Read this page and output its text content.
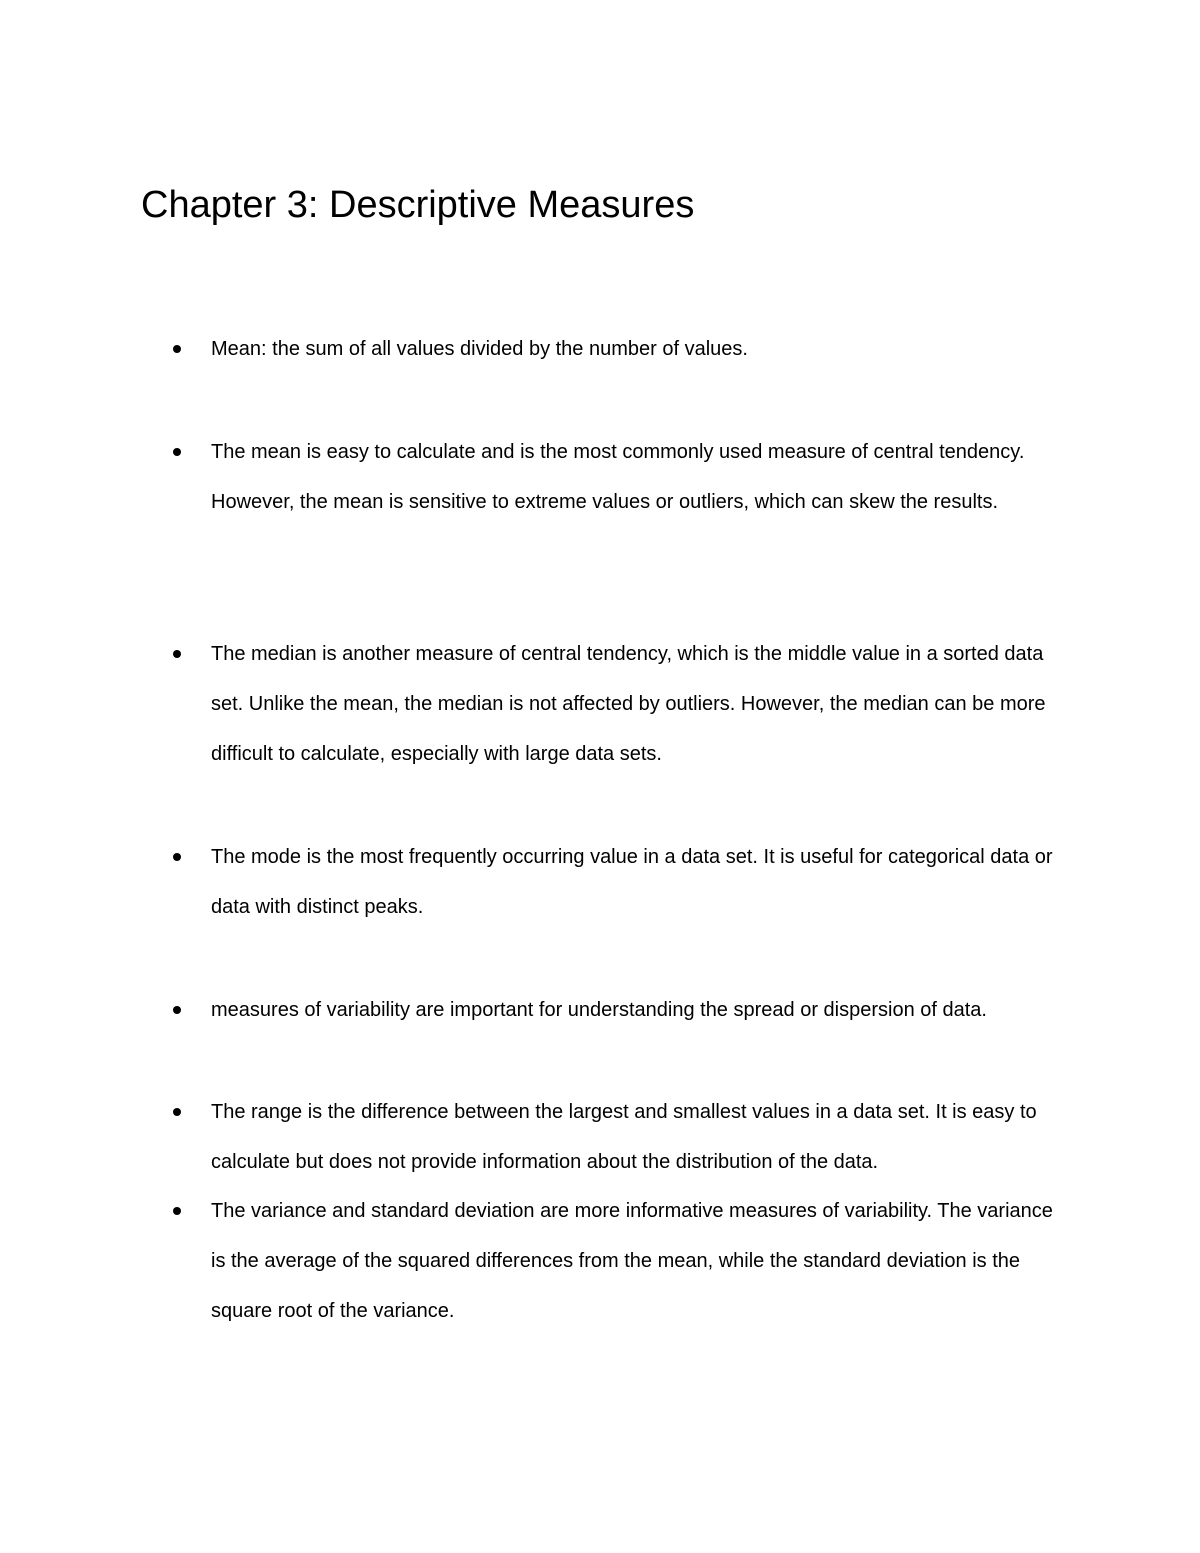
Chapter 3: Descriptive Measures
Mean: the sum of all values divided by the number of values.
The mean is easy to calculate and is the most commonly used measure of central tendency. However, the mean is sensitive to extreme values or outliers, which can skew the results.
The median is another measure of central tendency, which is the middle value in a sorted data set. Unlike the mean, the median is not affected by outliers. However, the median can be more difficult to calculate, especially with large data sets.
The mode is the most frequently occurring value in a data set. It is useful for categorical data or data with distinct peaks.
measures of variability are important for understanding the spread or dispersion of data.
The range is the difference between the largest and smallest values in a data set. It is easy to calculate but does not provide information about the distribution of the data.
The variance and standard deviation are more informative measures of variability. The variance is the average of the squared differences from the mean, while the standard deviation is the square root of the variance.
